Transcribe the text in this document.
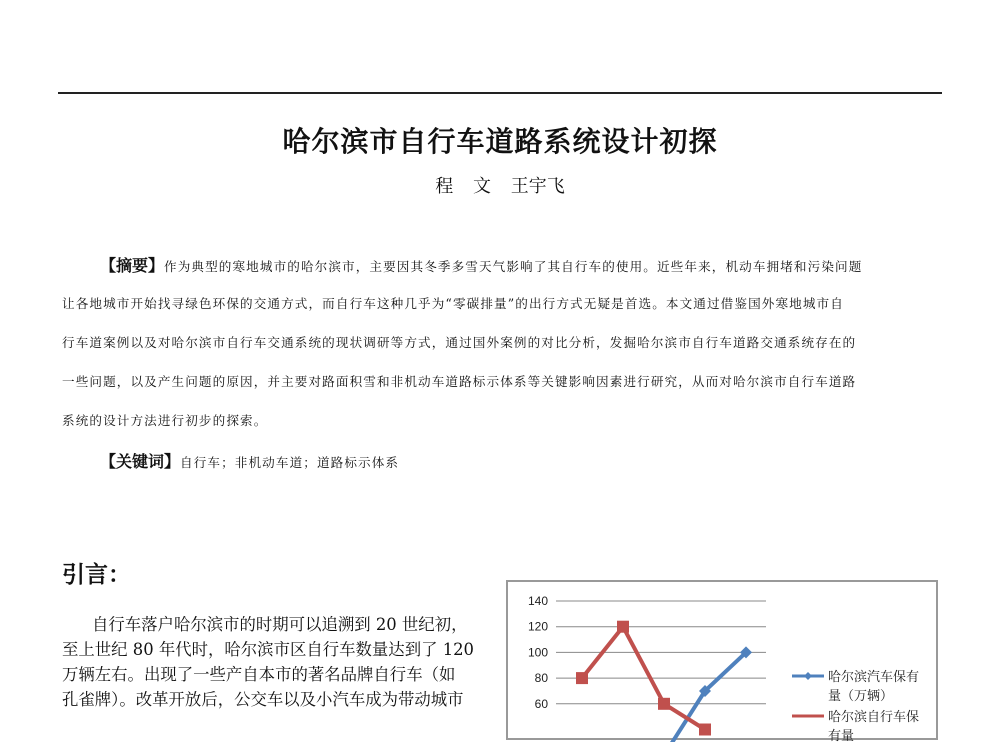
哈尔滨市自行车道路系统设计初探
程 文 王宇飞
【摘要】作为典型的寒地城市的哈尔滨市，主要因其冬季多雪天气影响了其自行车的使用。近些年来，机动车拥堵和污染问题
让各地城市开始找寻绿色环保的交通方式，而自行车这种几乎为“零碳排量”的出行方式无疑是首选。本文通过借鉴国外寒地城市自
行车道案例以及对哈尔滨市自行车交通系统的现状调研等方式，通过国外案例的对比分析，发掘哈尔滨市自行车道路交通系统存在的
一些问题，以及产生问题的原因，并主要对路面积雪和非机动车道路标示体系等关键影响因素进行研究，从而对哈尔滨市自行车道路
系统的设计方法进行初步的探索。
【关键词】自行车；非机动车道；道路标示体系
引言：
自行车落户哈尔滨市的时期可以追溯到 20 世纪初，
至上世纪 80 年代时，哈尔滨市区自行车数量达到了 120
万辆左右。出现了一些产自本市的著名品牌自行车（如
孔雀牌）。改革开放后，公交车以及小汽车成为带动城市
140
120
100
80
60
哈尔滨汽车保有
量（万辆）
哈尔滨自行车保
有量
